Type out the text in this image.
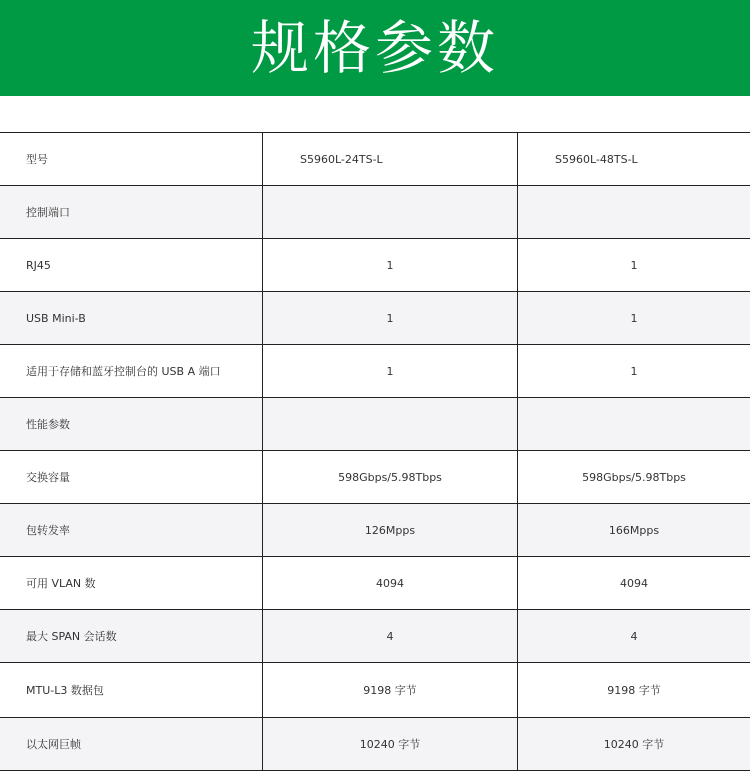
规格参数
型号	S5960L-24TS-L	S5960L-48TS-L
控制端口
RJ45	1	1
USB Mini-B	1	1
适用于存储和蓝牙控制台的 USB A 端口	1	1
性能参数
交换容量	598Gbps/5.98Tbps	598Gbps/5.98Tbps
包转发率	126Mpps	166Mpps
可用 VLAN 数	4094	4094
最大 SPAN 会话数	4	4
MTU-L3 数据包	9198 字节	9198 字节
以太网巨帧	10240 字节	10240 字节
